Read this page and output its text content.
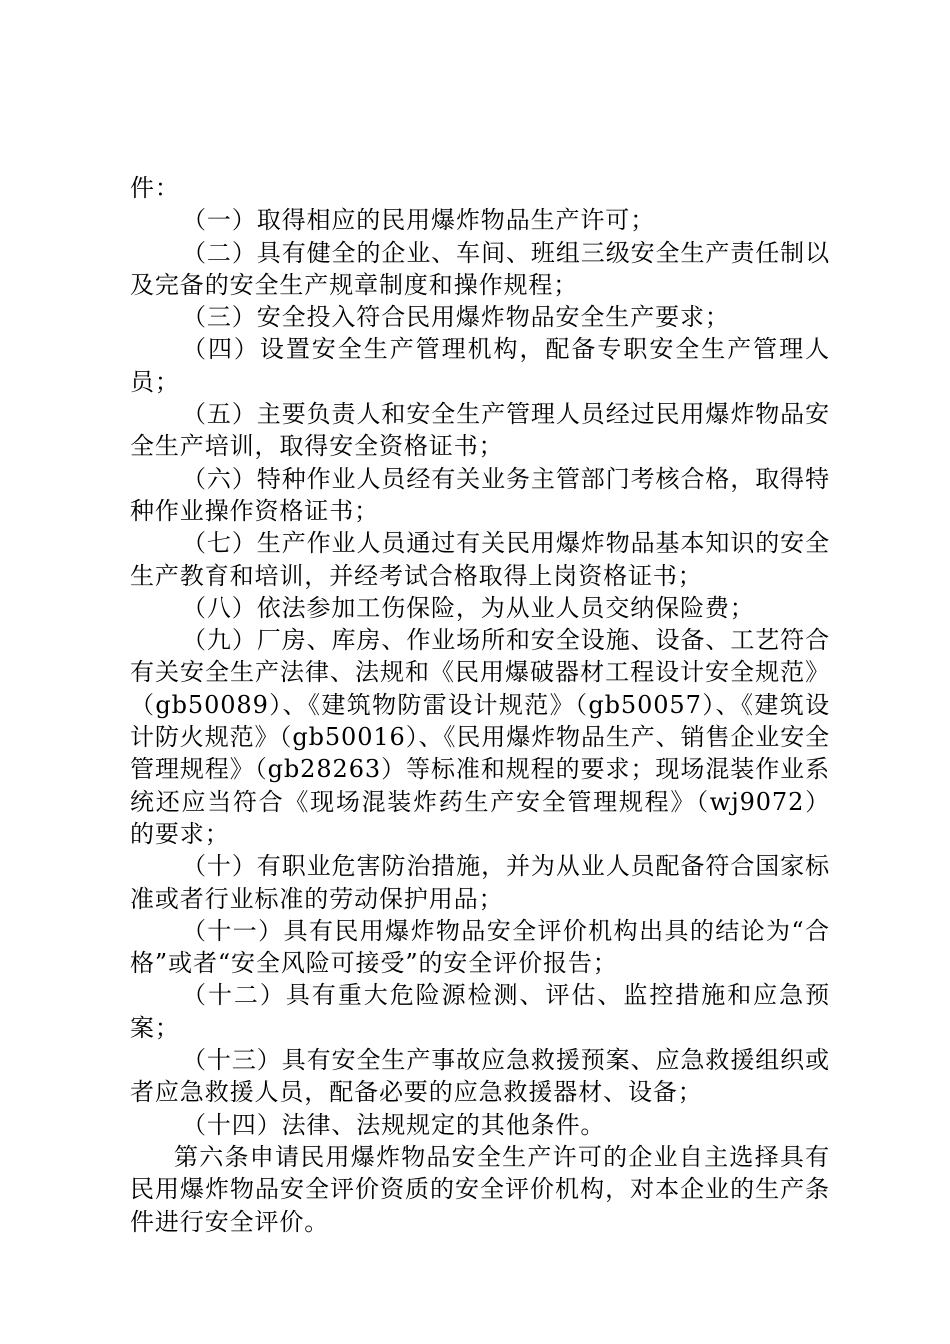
件：

（一）取得相应的民用爆炸物品生产许可；

（二）具有健全的企业、车间、班组三级安全生产责任制以及完备的安全生产规章制度和操作规程；

（三）安全投入符合民用爆炸物品安全生产要求；

（四）设置安全生产管理机构，配备专职安全生产管理人员；

（五）主要负责人和安全生产管理人员经过民用爆炸物品安全生产培训，取得安全资格证书；

（六）特种作业人员经有关业务主管部门考核合格，取得特种作业操作资格证书；

（七）生产作业人员通过有关民用爆炸物品基本知识的安全生产教育和培训，并经考试合格取得上岗资格证书；

（八）依法参加工伤保险，为从业人员交纳保险费；

（九）厂房、库房、作业场所和安全设施、设备、工艺符合有关安全生产法律、法规和《民用爆破器材工程设计安全规范》（gb50089）、《建筑物防雷设计规范》（gb50057）、《建筑设计防火规范》（gb50016）、《民用爆炸物品生产、销售企业安全管理规程》（gb28263）等标准和规程的要求；现场混装作业系统还应当符合《现场混装炸药生产安全管理规程》（wj9072）的要求；

（十）有职业危害防治措施，并为从业人员配备符合国家标准或者行业标准的劳动保护用品；

（十一）具有民用爆炸物品安全评价机构出具的结论为“合格”或者“安全风险可接受”的安全评价报告；

（十二）具有重大危险源检测、评估、监控措施和应急预案；

（十三）具有安全生产事故应急救援预案、应急救援组织或者应急救援人员，配备必要的应急救援器材、设备；

（十四）法律、法规规定的其他条件。

第六条申请民用爆炸物品安全生产许可的企业自主选择具有民用爆炸物品安全评价资质的安全评价机构，对本企业的生产条件进行安全评价。
